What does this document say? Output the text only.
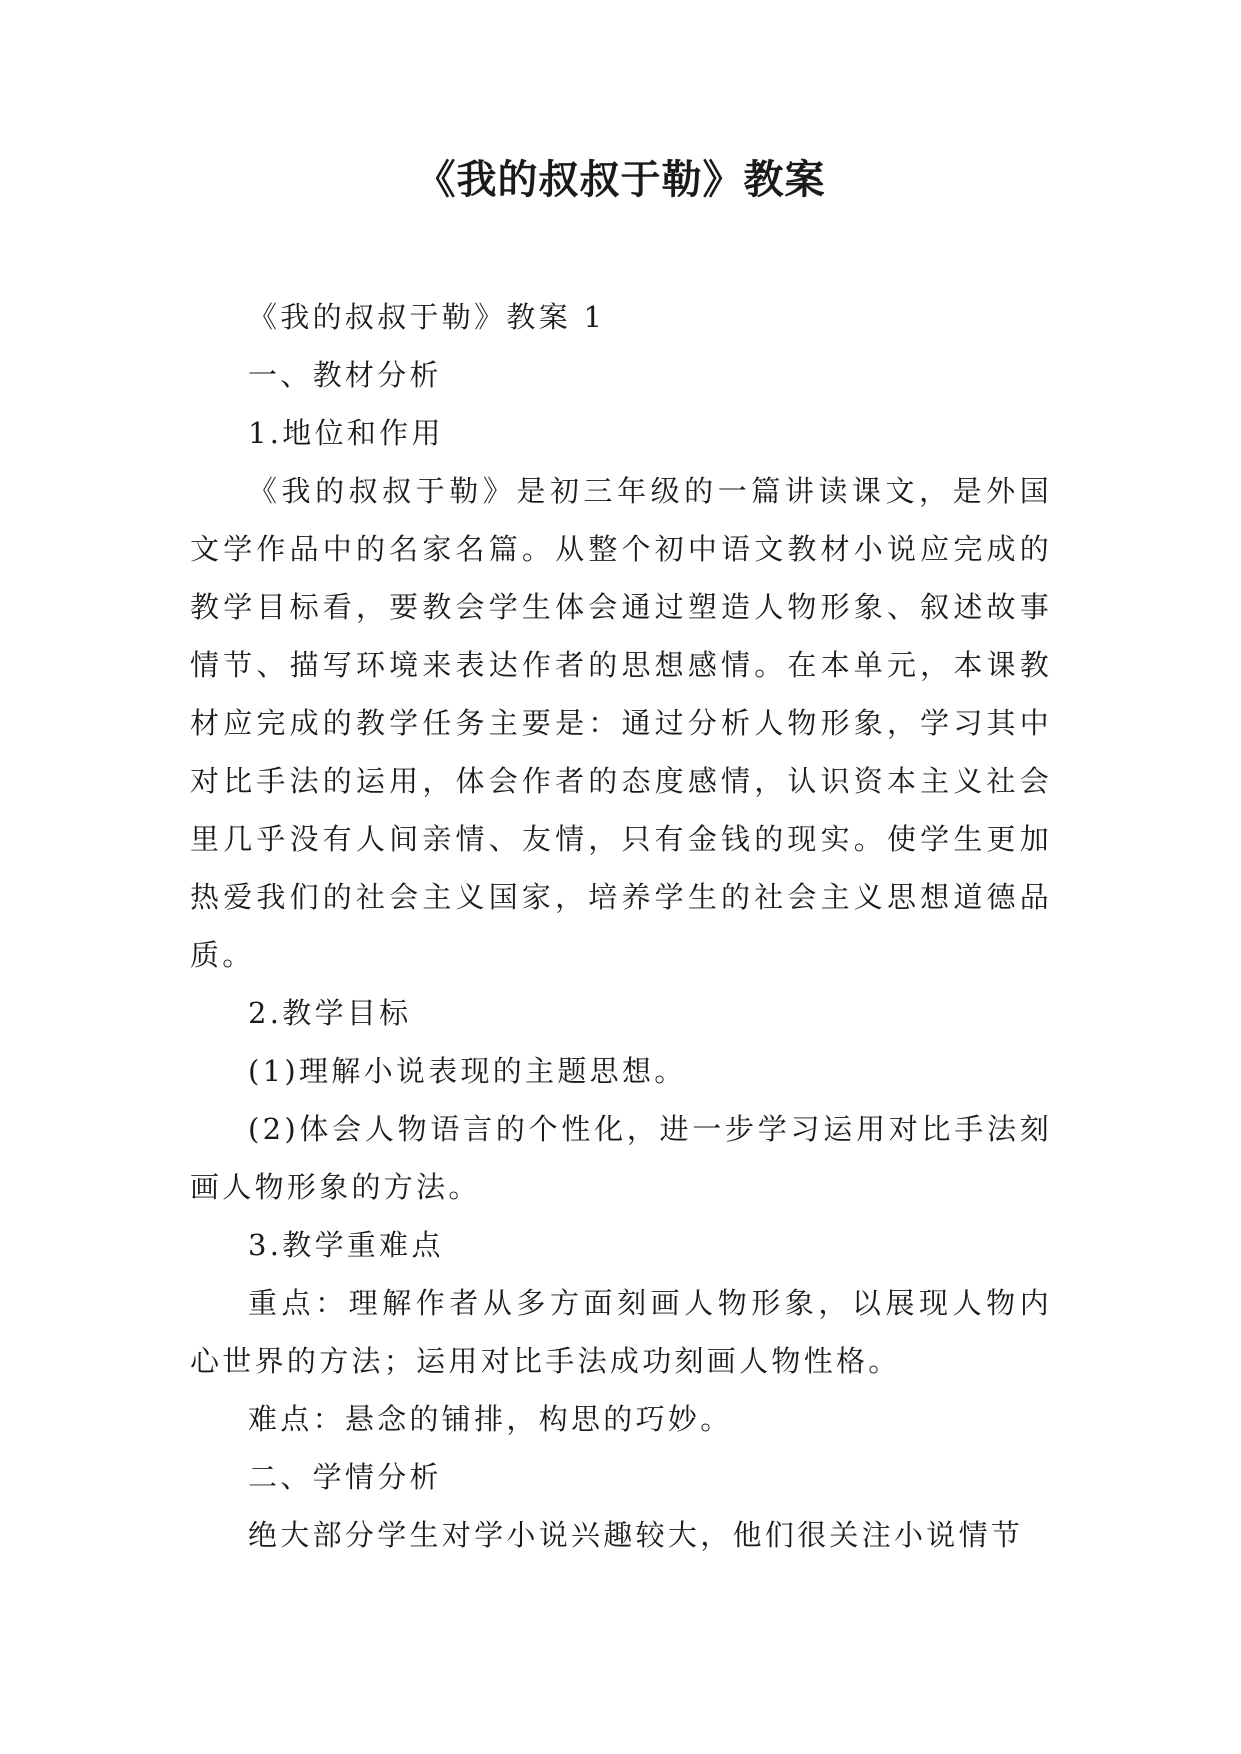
《我的叔叔于勒》教案

《我的叔叔于勒》教案 1

一、教材分析

1.地位和作用

《我的叔叔于勒》是初三年级的一篇讲读课文，是外国文学作品中的名家名篇。从整个初中语文教材小说应完成的教学目标看，要教会学生体会通过塑造人物形象、叙述故事情节、描写环境来表达作者的思想感情。在本单元，本课教材应完成的教学任务主要是：通过分析人物形象，学习其中对比手法的运用，体会作者的态度感情，认识资本主义社会里几乎没有人间亲情、友情，只有金钱的现实。使学生更加热爱我们的社会主义国家，培养学生的社会主义思想道德品质。

2.教学目标

(1)理解小说表现的主题思想。

(2)体会人物语言的个性化，进一步学习运用对比手法刻画人物形象的方法。

3.教学重难点

重点：理解作者从多方面刻画人物形象，以展现人物内心世界的方法；运用对比手法成功刻画人物性格。

难点：悬念的铺排，构思的巧妙。

二、学情分析

绝大部分学生对学小说兴趣较大，他们很关注小说情节
